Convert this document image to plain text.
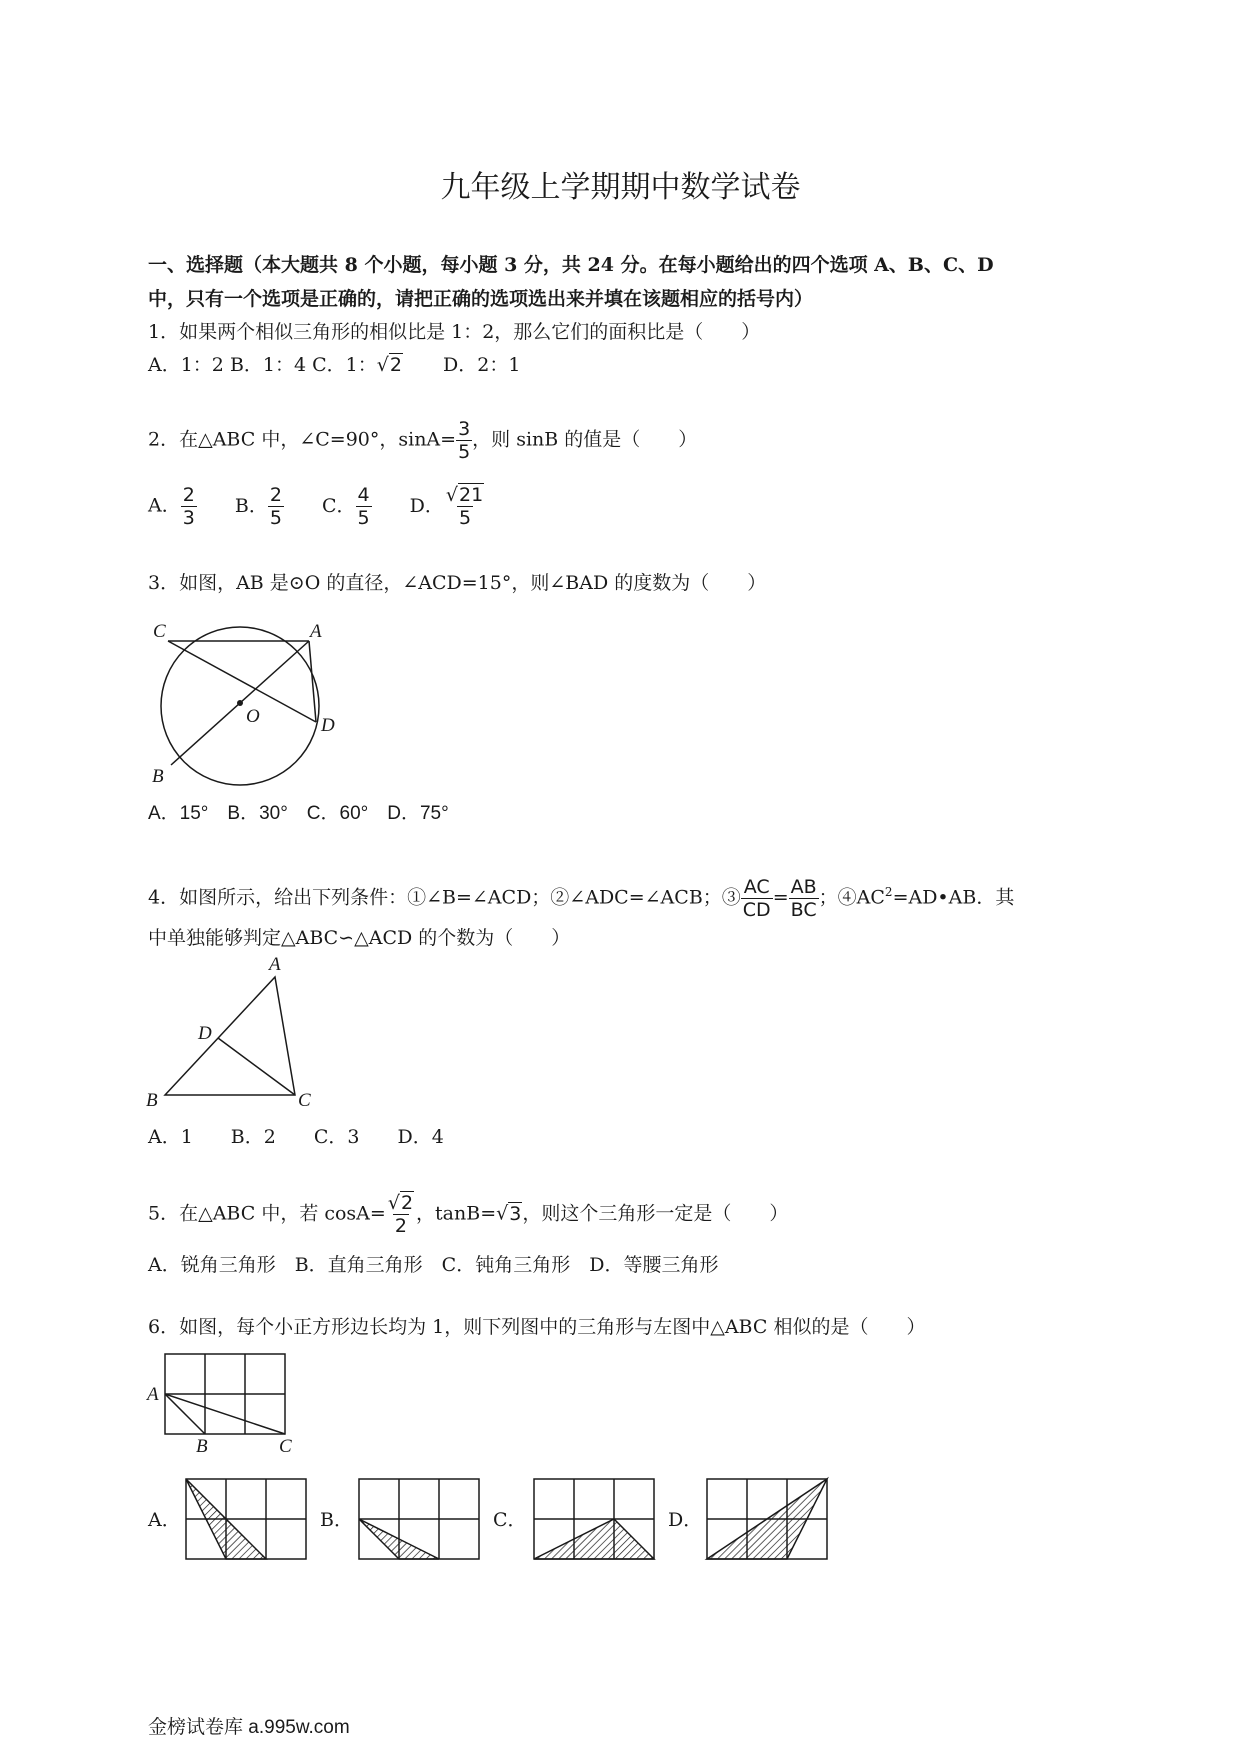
九年级上学期期中数学试卷
一、选择题（本大题共 8 个小题，每小题 3 分，共 24 分。在每小题给出的四个选项 A、B、C、D
中，只有一个选项是正确的，请把正确的选项选出来并填在该题相应的括号内）
1．如果两个相似三角形的相似比是 1：2，那么它们的面积比是（　　）
A．1：2 B．1：4 C．1：√2 D．2：1
2．在△ABC 中，∠C=90°，$\sin A= \frac{3}{5}$ ，则 sinB 的值是（　　）
A． $\frac{2}{3}$ B． $\frac{2}{5}$ C． $\frac{4}{5}$ D． $\frac{√21}{5}$
3．如图，AB 是⊙O 的直径，∠ACD=15°，则∠BAD 的度数为（　　）
C	A
O	D
B
A．15°　B．30°　C．60°　D．75°
4．如图所示，给出下列条件：①∠B=∠ACD；②∠ADC=∠ACB；③ $\frac{AC}{CD} = \frac{AB}{BC}$ ；$④AC^2=AD•AB$．其
中单独能够判定△ABC∽△ACD 的个数为（　　）
A
D
B	C
A．1　　B．2　　C．3　　D．4
5．在△ABC 中，若 $\cos A= \frac{√2}{2}$ ，tanB=√3，则这个三角形一定是（　　）
A．锐角三角形　B．直角三角形　C．钝角三角形　D．等腰三角形
6．如图，每个小正方形边长均为 1，则下列图中的三角形与左图中△ABC 相似的是（　　）
A
B	C
A．	B．	C．	D．
金榜试卷库 a.995w.com
